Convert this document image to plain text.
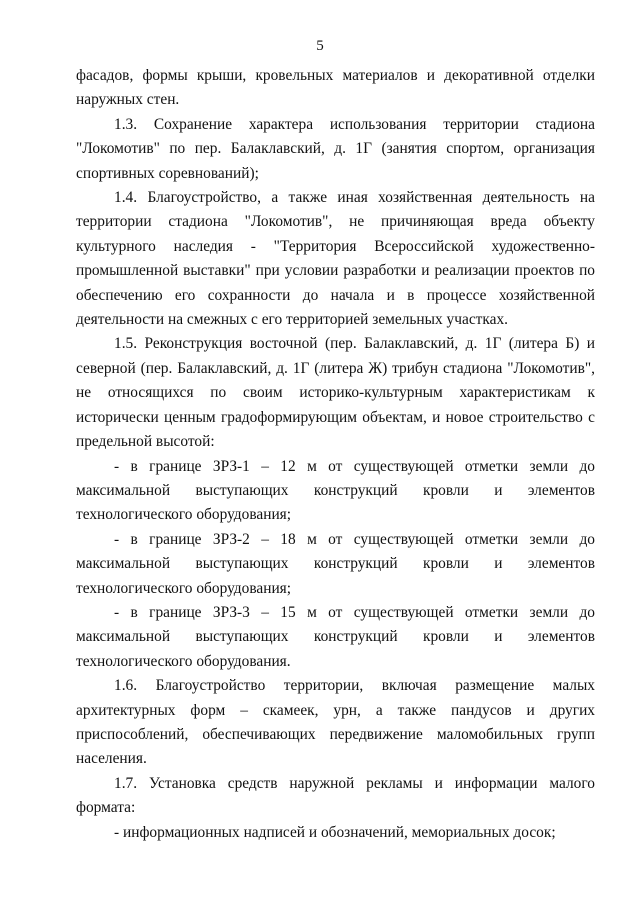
5

фасадов, формы крыши, кровельных материалов и декоративной отделки наружных стен.

1.3. Сохранение характера использования территории стадиона "Локомотив" по пер. Балаклавский, д. 1Г (занятия спортом, организация спортивных соревнований);

1.4. Благоустройство, а также иная хозяйственная деятельность на территории стадиона "Локомотив", не причиняющая вреда объекту культурного наследия - "Территория Всероссийской художественно-промышленной выставки" при условии разработки и реализации проектов по обеспечению его сохранности до начала и в процессе хозяйственной деятельности на смежных с его территорией земельных участках.

1.5. Реконструкция восточной (пер. Балаклавский, д. 1Г (литера Б) и северной (пер. Балаклавский, д. 1Г (литера Ж) трибун стадиона "Локомотив", не относящихся по своим историко-культурным характеристикам к исторически ценным градоформирующим объектам, и новое строительство с предельной высотой:

- в границе ЗРЗ-1 – 12 м от существующей отметки земли до максимальной выступающих конструкций кровли и элементов технологического оборудования;

- в границе ЗРЗ-2 – 18 м от существующей отметки земли до максимальной выступающих конструкций кровли и элементов технологического оборудования;

- в границе ЗРЗ-3 – 15 м от существующей отметки земли до максимальной выступающих конструкций кровли и элементов технологического оборудования.

1.6. Благоустройство территории, включая размещение малых архитектурных форм – скамеек, урн, а также пандусов и других приспособлений, обеспечивающих передвижение маломобильных групп населения.

1.7. Установка средств наружной рекламы и информации малого формата:

- информационных надписей и обозначений, мемориальных досок;
